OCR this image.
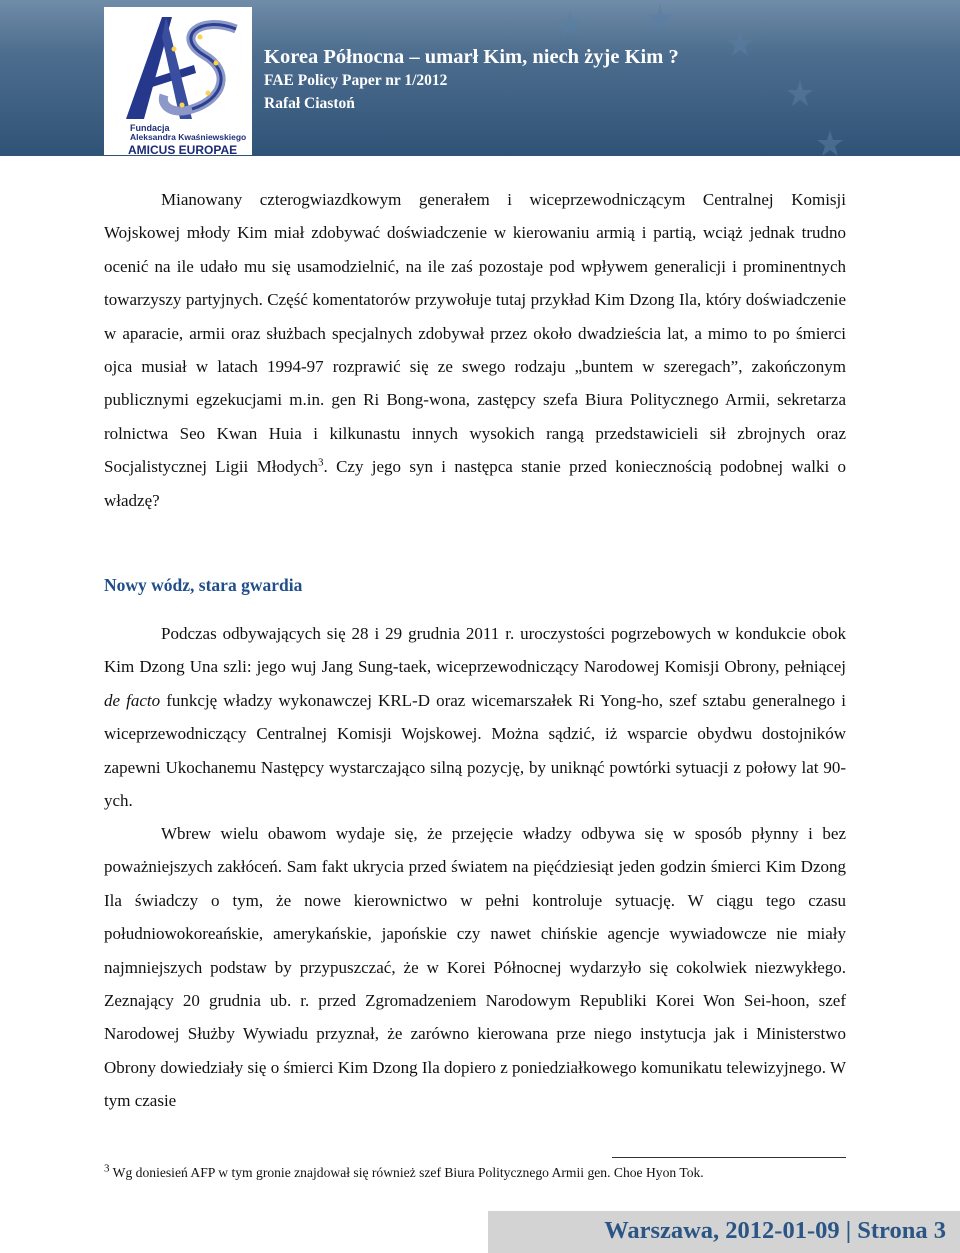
Fundacja
Aleksandra Kwaśniewskiego
AMICUS EUROPAE
Korea Północna – umarł Kim, niech żyje Kim ?
FAE Policy Paper nr 1/2012
Rafał Ciastoń

Mianowany czterogwiazdkowym generałem i wiceprzewodniczącym Centralnej Komisji Wojskowej młody Kim miał zdobywać doświadczenie w kierowaniu armią i partią, wciąż jednak trudno ocenić na ile udało mu się usamodzielnić, na ile zaś pozostaje pod wpływem generalicji i prominentnych towarzyszy partyjnych. Część komentatorów przywołuje tutaj przykład Kim Dzong Ila, który doświadczenie w aparacie, armii oraz służbach specjalnych zdobywał przez około dwadzieścia lat, a mimo to po śmierci ojca musiał w latach 1994-97 rozprawić się ze swego rodzaju „buntem w szeregach”, zakończonym publicznymi egzekucjami m.in. gen Ri Bong-wona, zastępcy szefa Biura Politycznego Armii, sekretarza rolnictwa Seo Kwan Huia i kilkunastu innych wysokich rangą przedstawicieli sił zbrojnych oraz Socjalistycznej Ligii Młodych$^3$. Czy jego syn i następca stanie przed koniecznością podobnej walki o władzę?

Nowy wódz, stara gwardia

Podczas odbywających się 28 i 29 grudnia 2011 r. uroczystości pogrzebowych w kondukcie obok Kim Dzong Una szli: jego wuj Jang Sung-taek, wiceprzewodniczący Narodowej Komisji Obrony, pełniącej de facto funkcję władzy wykonawczej KRL-D oraz wicemarszałek Ri Yong-ho, szef sztabu generalnego i wiceprzewodniczący Centralnej Komisji Wojskowej. Można sądzić, iż wsparcie obydwu dostojników zapewni Ukochanemu Następcy wystarczająco silną pozycję, by uniknąć powtórki sytuacji z połowy lat 90-ych.

Wbrew wielu obawom wydaje się, że przejęcie władzy odbywa się w sposób płynny i bez poważniejszych zakłóceń. Sam fakt ukrycia przed światem na pięćdziesiąt jeden godzin śmierci Kim Dzong Ila świadczy o tym, że nowe kierownictwo w pełni kontroluje sytuację. W ciągu tego czasu południowokoreańskie, amerykańskie, japońskie czy nawet chińskie agencje wywiadowcze nie miały najmniejszych podstaw by przypuszczać, że w Korei Północnej wydarzyło się cokolwiek niezwykłego. Zeznający 20 grudnia ub. r. przed Zgromadzeniem Narodowym Republiki Korei Won Sei-hoon, szef Narodowej Służby Wywiadu przyznał, że zarówno kierowana prze niego instytucja jak i Ministerstwo Obrony dowiedziały się o śmierci Kim Dzong Ila dopiero z poniedziałkowego komunikatu telewizyjnego. W tym czasie

$^3$ Wg doniesień AFP w tym gronie znajdował się również szef Biura Politycznego Armii gen. Choe Hyon Tok.

Warszawa, 2012-01-09 | Strona 3
